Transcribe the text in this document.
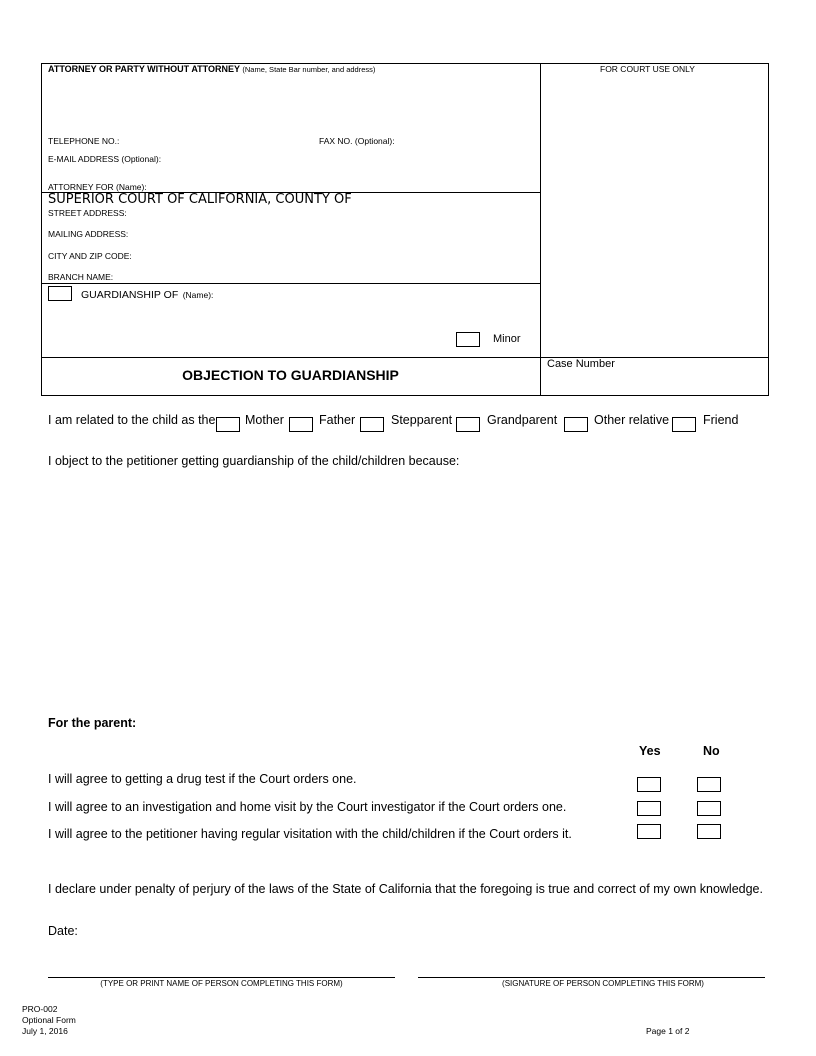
ATTORNEY OR PARTY WITHOUT ATTORNEY (Name, State Bar number, and address)	FOR COURT USE ONLY
TELEPHONE NO.:	FAX NO. (Optional):
E-MAIL ADDRESS (Optional):
ATTORNEY FOR (Name):
SUPERIOR COURT OF CALIFORNIA, COUNTY OF
STREET ADDRESS:
MAILING ADDRESS:
CITY AND ZIP CODE:
BRANCH NAME:
GUARDIANSHIP OF (Name):
Minor
OBJECTION TO GUARDIANSHIP
Case Number
I am related to the child as the Mother	Father	Stepparent	Grandparent	Other relative	Friend
I object to the petitioner getting guardianship of the child/children because:
For the parent:
Yes	No
I will agree to getting a drug test if the Court orders one.
I will agree to an investigation and home visit by the Court investigator if the Court orders one.
I will agree to the petitioner having regular visitation with the child/children if the Court orders it.
I declare under penalty of perjury of the laws of the State of California that the foregoing is true and correct of my own knowledge.
Date:
(TYPE OR PRINT NAME OF PERSON COMPLETING THIS FORM)	(SIGNATURE OF PERSON COMPLETING THIS FORM)
PRO-002
Optional Form
July 1, 2016	Page 1 of 2
